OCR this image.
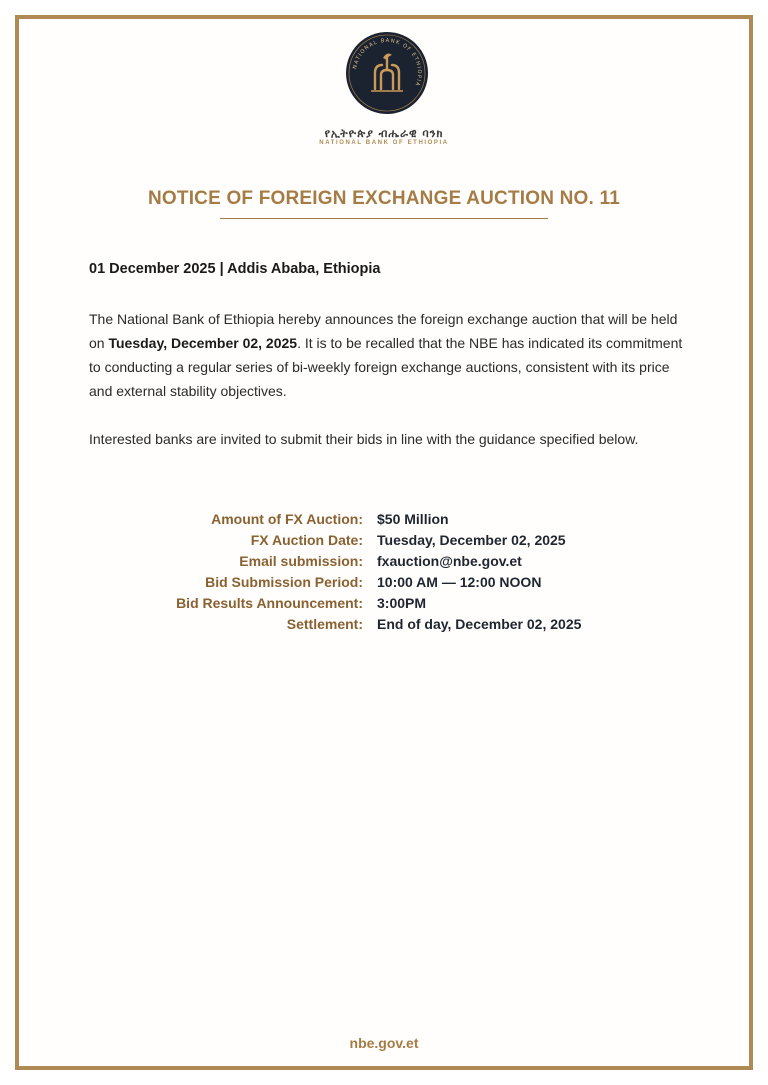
NATIONAL BANK OF ETHIOPIA
የኢትዮጵያ ብሔራዊ ባንክ
NATIONAL BANK OF ETHIOPIA
NOTICE OF FOREIGN EXCHANGE AUCTION NO. 11
01 December 2025 | Addis Ababa, Ethiopia
The National Bank of Ethiopia hereby announces the foreign exchange auction that will be held on Tuesday, December 02, 2025. It is to be recalled that the NBE has indicated its commitment to conducting a regular series of bi-weekly foreign exchange auctions, consistent with its price and external stability objectives.
Interested banks are invited to submit their bids in line with the guidance specified below.
Amount of FX Auction:	$50 Million
FX Auction Date:	Tuesday, December 02, 2025
Email submission:	fxauction@nbe.gov.et
Bid Submission Period:	10:00 AM — 12:00 NOON
Bid Results Announcement:	3:00PM
Settlement:	End of day, December 02, 2025
nbe.gov.et
